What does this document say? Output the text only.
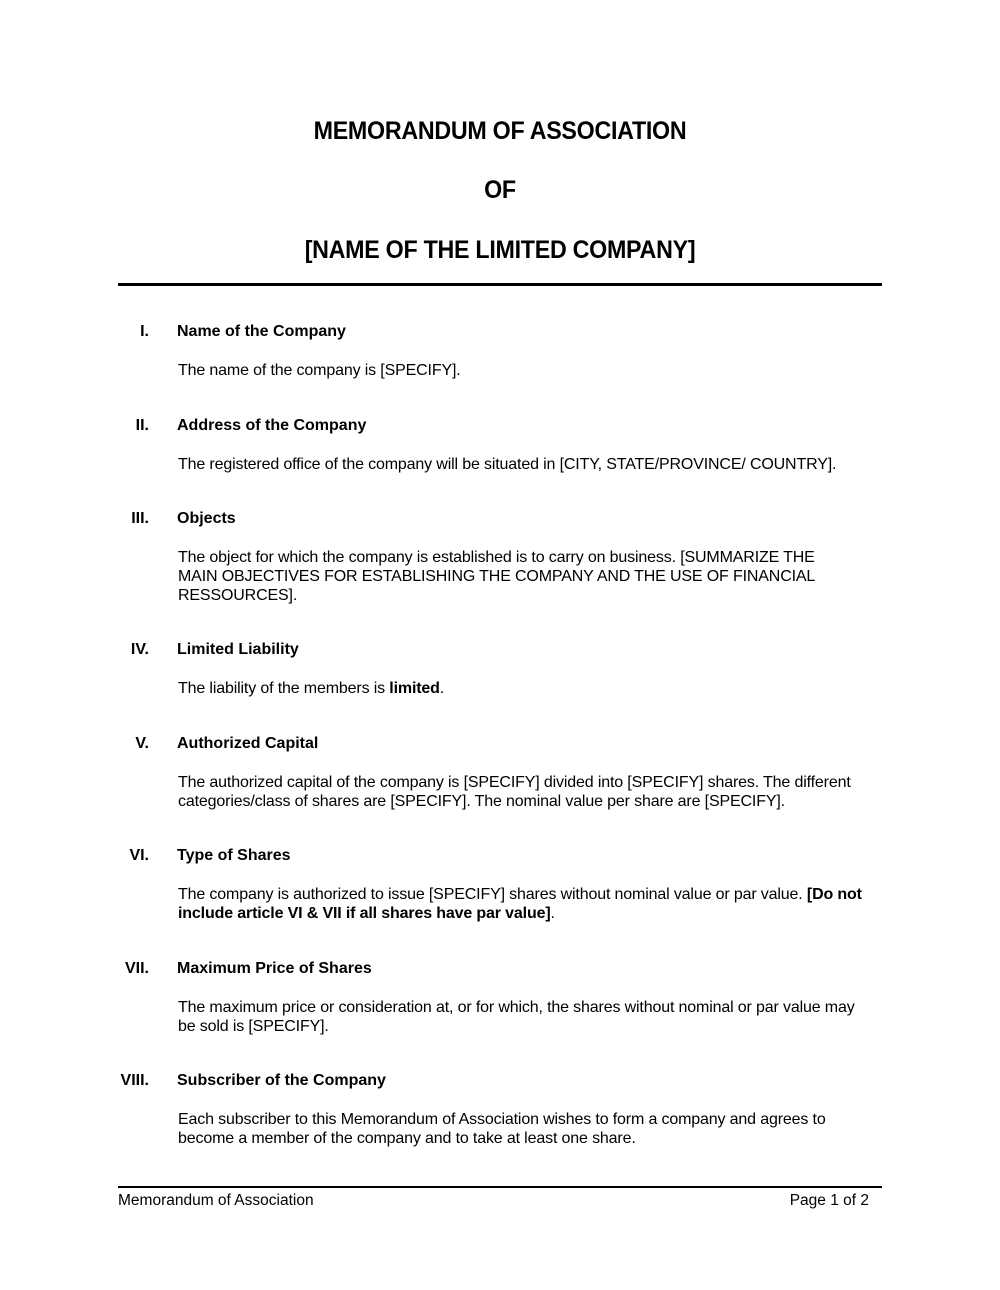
MEMORANDUM OF ASSOCIATION
OF
[NAME OF THE LIMITED COMPANY]
I. Name of the Company
The name of the company is [SPECIFY].
II. Address of the Company
The registered office of the company will be situated in [CITY, STATE/PROVINCE/ COUNTRY].
III. Objects
The object for which the company is established is to carry on business. [SUMMARIZE THE MAIN OBJECTIVES FOR ESTABLISHING THE COMPANY AND THE USE OF FINANCIAL RESSOURCES].
IV. Limited Liability
The liability of the members is limited.
V. Authorized Capital
The authorized capital of the company is [SPECIFY] divided into [SPECIFY] shares. The different categories/class of shares are [SPECIFY]. The nominal value per share are [SPECIFY].
VI. Type of Shares
The company is authorized to issue [SPECIFY] shares without nominal value or par value. [Do not include article VI & VII if all shares have par value].
VII. Maximum Price of Shares
The maximum price or consideration at, or for which, the shares without nominal or par value may be sold is [SPECIFY].
VIII. Subscriber of the Company
Each subscriber to this Memorandum of Association wishes to form a company and agrees to become a member of the company and to take at least one share.
Memorandum of Association	Page 1 of 2
